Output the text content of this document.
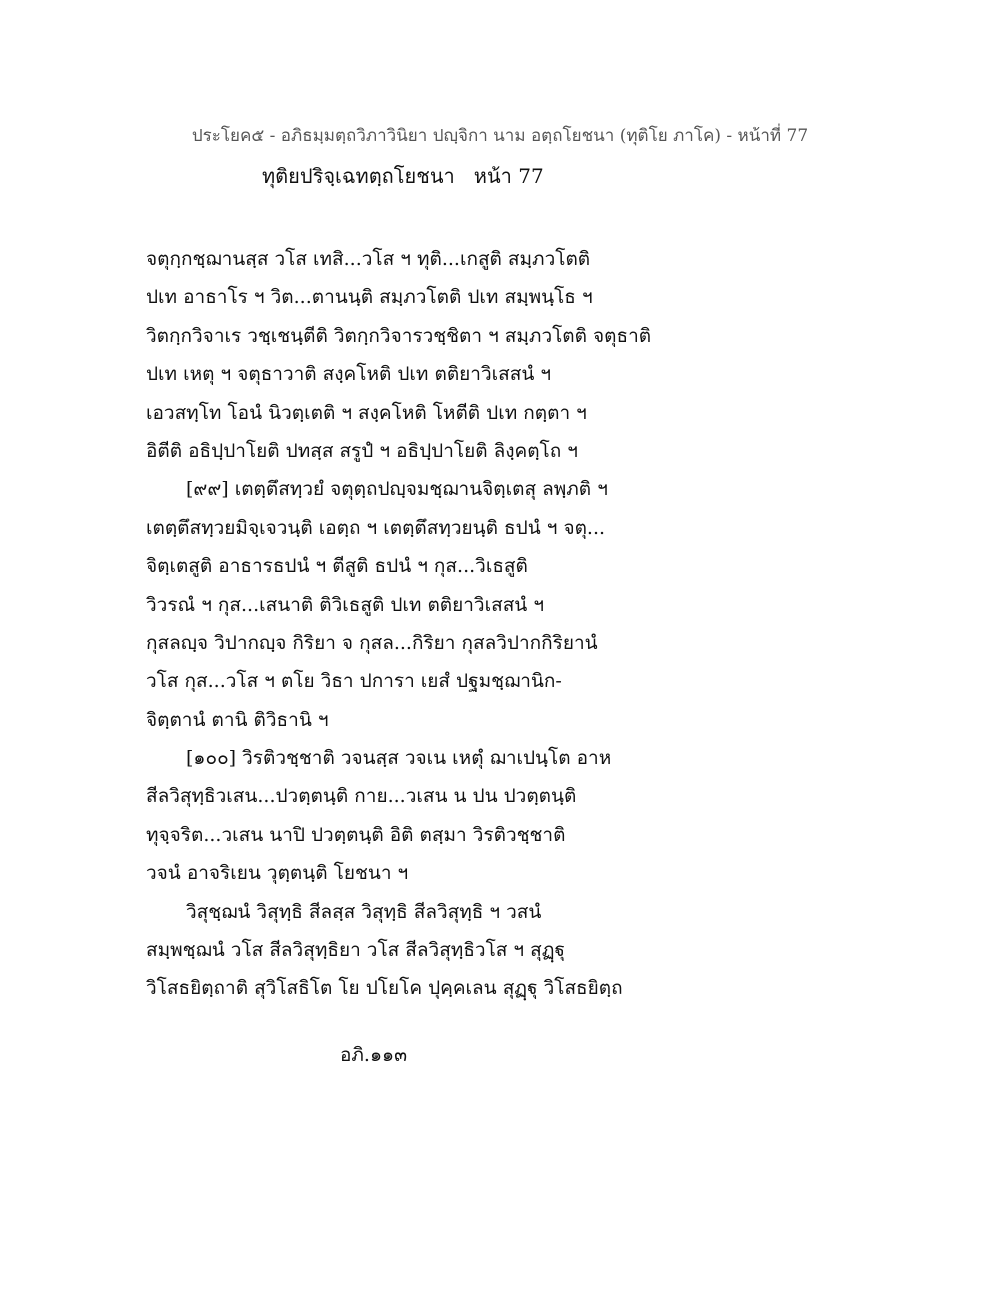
ประโยค๕ - อภิธมฺมตฺถวิภาวินิยา ปญฺจิกา นาม อตฺถโยชนา (ทุติโย ภาโค) - หน้าที่ 77
ทุติยปริจฺเฉทตฺถโยชนา   หน้า 77
จตุกฺกชฺฌานสฺส วโส เทสิ...วโส ฯ ทุติ...เกสูติ สมฺภวโตติ
ปเท อาธาโร ฯ วิต...ตานนฺติ สมฺภวโตติ ปเท สมฺพนฺโธ ฯ
วิตกฺกวิจาเร วชฺเชนฺตีติ วิตกฺกวิจารวชฺชิตา ฯ สมฺภวโตติ จตุธาติ
ปเท เหตุ ฯ จตุธาวาติ สงฺคโหติ ปเท ตติยาวิเสสนํ ฯ
เอวสทฺโท โอนํ นิวตฺเตติ ฯ สงฺคโหติ โหตีติ ปเท กตฺตา ฯ
อิตีติ อธิปฺปาโยติ ปทสฺส สรูปํ ฯ อธิปฺปาโยติ ลิงฺคตฺโถ ฯ
[๙๙] เตตฺตึสทฺวยํ จตุตฺถปญฺจมชฺฌานจิตฺเตสุ ลพฺภติ ฯ
เตตฺตึสทฺวยมิจฺเจวนฺติ เอตฺถ ฯ เตตฺตึสทฺวยนฺติ ธปนํ ฯ จตุ...
จิตฺเตสูติ อาธารธปนํ ฯ ตีสูติ ธปนํ ฯ กุส...วิเธสูติ
วิวรณํ ฯ กุส...เสนาติ ติวิเธสูติ ปเท ตติยาวิเสสนํ ฯ
กุสลญฺจ วิปากญฺจ กิริยา จ กุสล...กิริยา กุสลวิปากกิริยานํ
วโส กุส...วโส ฯ ตโย วิธา ปการา เยสํ ปฐมชฺฌานิก-
จิตฺตานํ ตานิ ติวิธานิ ฯ
[๑๐๐] วิรติวชฺชาติ วจนสฺส วจเน เหตุํ ฌาเปนฺโต อาห
สีลวิสุทฺธิวเสน...ปวตฺตนฺติ กาย...วเสน น ปน ปวตฺตนฺติ
ทุจฺจริต...วเสน นาปิ ปวตฺตนฺติ อิติ ตสฺมา วิรติวชฺชาติ
วจนํ อาจริเยน วุตฺตนฺติ โยชนา ฯ
วิสุชฺฌนํ วิสุทฺธิ สีลสฺส วิสุทฺธิ สีลวิสุทฺธิ ฯ วสนํ
สมฺพชฺฌนํ วโส สีลวิสุทฺธิยา วโส สีลวิสุทฺธิวโส ฯ สุฏฺฐุ
วิโสธยิตฺถาติ สุวิโสธิโต โย ปโยโค ปุคฺคเลน สุฏฺฐุ วิโสธยิตฺถ
อภิ.๑๑๓
